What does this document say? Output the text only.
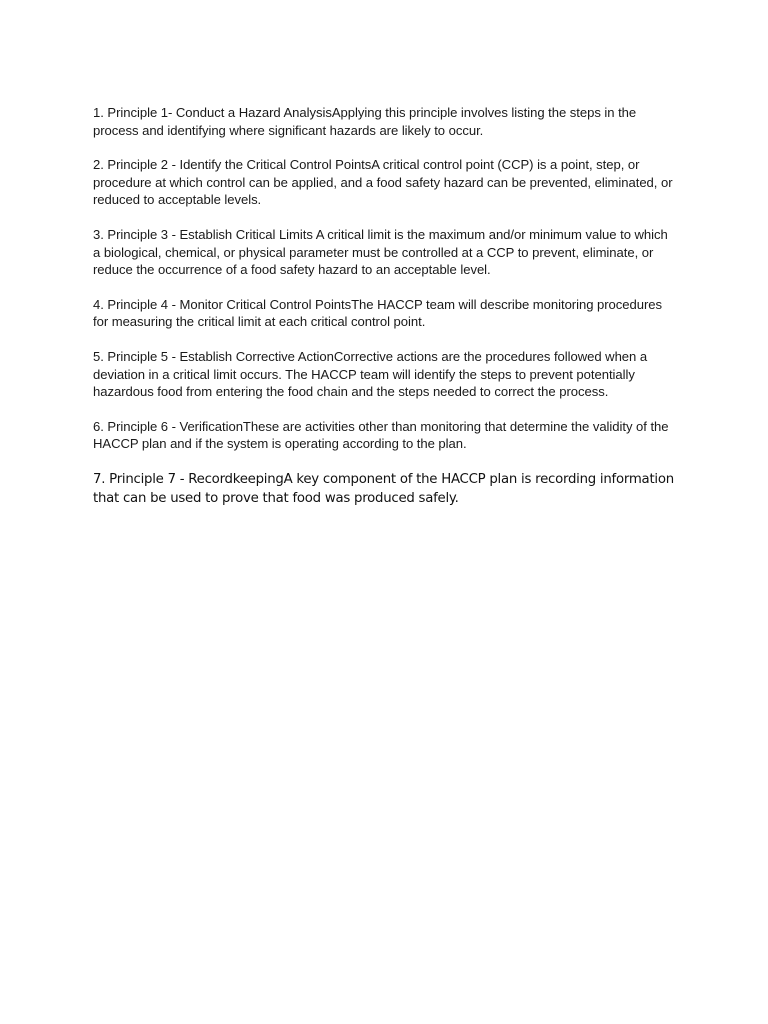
1. Principle 1- Conduct a Hazard AnalysisApplying this principle involves listing the steps in the process and identifying where significant hazards are likely to occur.

2. Principle 2 - Identify the Critical Control PointsA critical control point (CCP) is a point, step, or procedure at which control can be applied, and a food safety hazard can be prevented, eliminated, or reduced to acceptable levels.

3. Principle 3 - Establish Critical Limits A critical limit is the maximum and/or minimum value to which a biological, chemical, or physical parameter must be controlled at a CCP to prevent, eliminate, or reduce the occurrence of a food safety hazard to an acceptable level.

4. Principle 4 - Monitor Critical Control PointsThe HACCP team will describe monitoring procedures for measuring the critical limit at each critical control point.

5. Principle 5 - Establish Corrective ActionCorrective actions are the procedures followed when a deviation in a critical limit occurs. The HACCP team will identify the steps to prevent potentially hazardous food from entering the food chain and the steps needed to correct the process.

6. Principle 6 - VerificationThese are activities other than monitoring that determine the validity of the HACCP plan and if the system is operating according to the plan.

7. Principle 7 - RecordkeepingA key component of the HACCP plan is recording information that can be used to prove that food was produced safely.
